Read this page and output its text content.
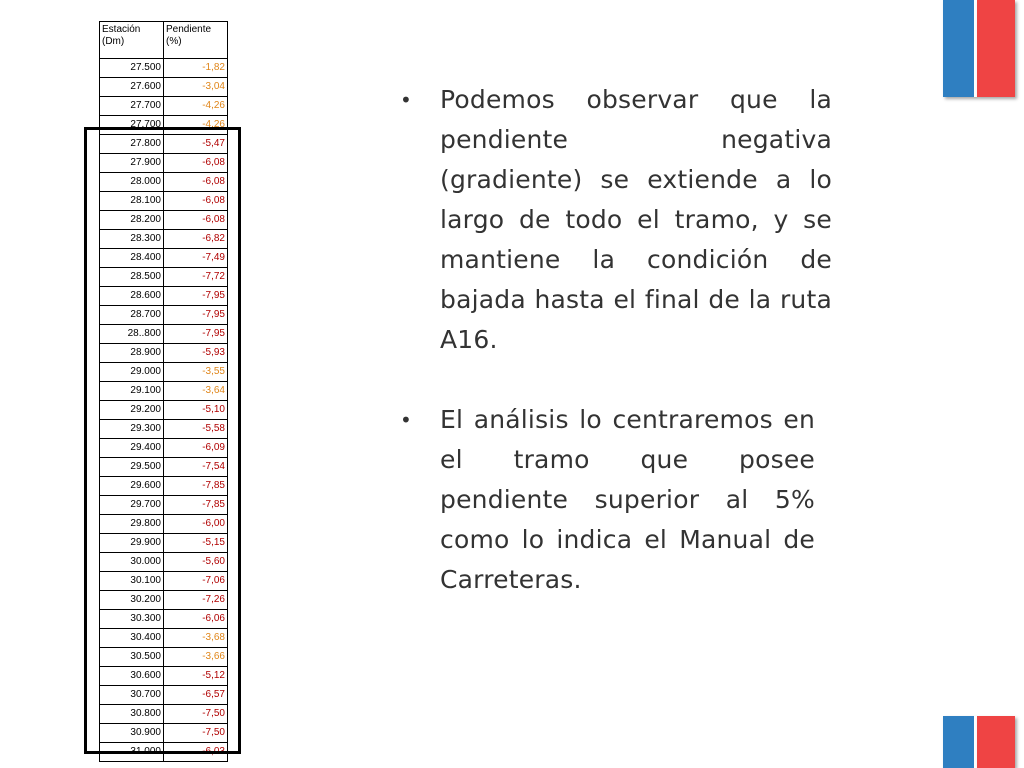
Estación (Dm)	Pendiente (%)
27.500	-1,82
27.600	-3,04
27.700	-4,26
27.700	-4,26
27.800	-5,47
27.900	-6,08
28.000	-6,08
28.100	-6,08
28.200	-6,08
28.300	-6,82
28.400	-7,49
28.500	-7,72
28.600	-7,95
28.700	-7,95
28..800	-7,95
28.900	-5,93
29.000	-3,55
29.100	-3,64
29.200	-5,10
29.300	-5,58
29.400	-6,09
29.500	-7,54
29.600	-7,85
29.700	-7,85
29.800	-6,00
29.900	-5,15
30.000	-5,60
30.100	-7,06
30.200	-7,26
30.300	-6,06
30.400	-3,68
30.500	-3,66
30.600	-5,12
30.700	-6,57
30.800	-7,50
30.900	-7,50
31.000	-6,03
•	Podemos observar que la pendiente negativa (gradiente) se extiende a lo largo de todo el tramo, y se mantiene la condición de bajada hasta el final de la ruta A16.
•	El análisis lo centraremos en el tramo que posee pendiente superior al 5% como lo indica el Manual de Carreteras.
